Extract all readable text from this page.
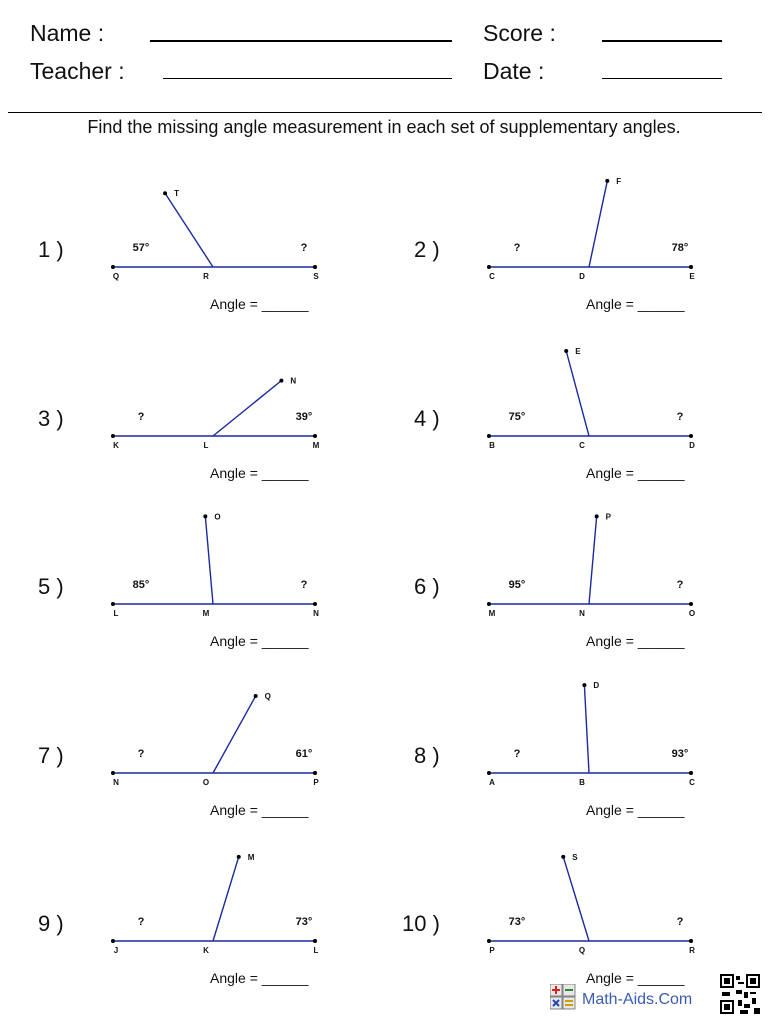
Name :
Teacher :
Score :
Date :
Find the missing angle measurement in each set of supplementary angles.
1 )
Q	R	S
T
57°	?
Angle = ______
2 )
C	D	E
F
?	78°
Angle = ______
3 )
K	L	M
N
?	39°
Angle = ______
4 )
B	C	D
E
75°	?
Angle = ______
5 )
L	M	N
O
85°	?
Angle = ______
6 )
M	N	O
P
95°	?
Angle = ______
7 )
N	O	P
Q
?	61°
Angle = ______
8 )
A	B	C
D
?	93°
Angle = ______
9 )
J	K	L
M
?	73°
Angle = ______
10 )
P	Q	R
S
73°	?
Angle = ______
Math-Aids.Com
